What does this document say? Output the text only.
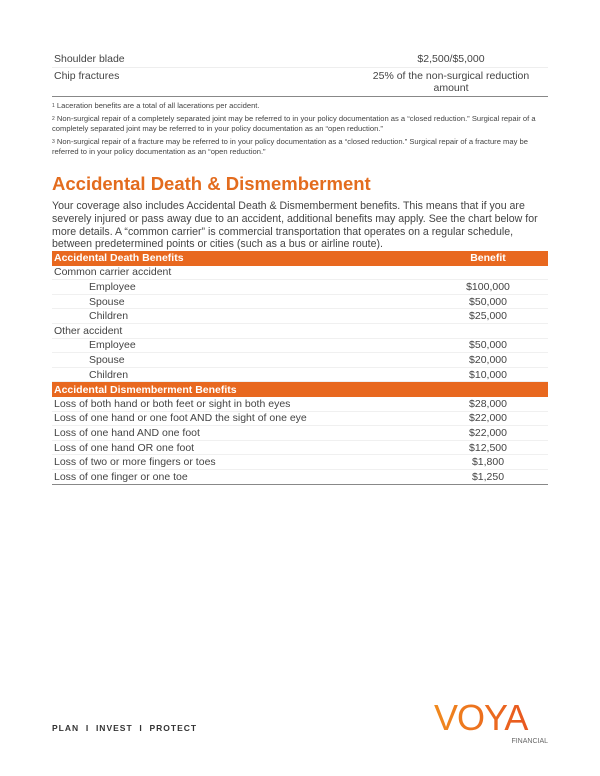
Shoulder blade	$2,500/$5,000
Chip fractures	25% of the non-surgical reduction amount

$^1$ Laceration benefits are a total of all lacerations per accident.

$^2$ Non-surgical repair of a completely separated joint may be referred to in your policy documentation as a “closed reduction.” Surgical repair of a completely separated joint may be referred to in your policy documentation as an “open reduction.”

$^3$ Non-surgical repair of a fracture may be referred to in your policy documentation as a “closed reduction.” Surgical repair of a fracture may be referred to in your policy documentation as an “open reduction.”

Accidental Death & Dismemberment

Your coverage also includes Accidental Death & Dismemberment benefits. This means that if you are severely injured or pass away due to an accident, additional benefits may apply. See the chart below for more details. A “common carrier” is commercial transportation that operates on a regular schedule, between predetermined points or cities (such as a bus or airline route).

Accidental Death Benefits	Benefit
Common carrier accident
Employee	$100,000
Spouse	$50,000
Children	$25,000
Other accident
Employee	$50,000
Spouse	$20,000
Children	$10,000
Accidental Dismemberment Benefits
Loss of both hand or both feet or sight in both eyes	$28,000
Loss of one hand or one foot AND the sight of one eye	$22,000
Loss of one hand AND one foot	$22,000
Loss of one hand OR one foot	$12,500
Loss of two or more fingers or toes	$1,800
Loss of one finger or one toe	$1,250
PLAN  I  INVEST  I  PROTECT	VOYA
FINANCIAL
